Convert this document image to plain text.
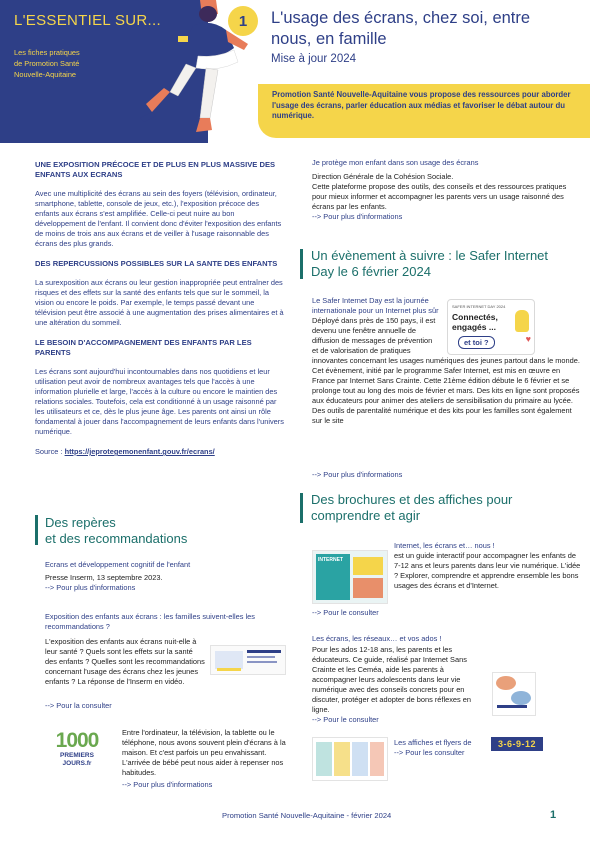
L'ESSENTIEL SUR...
Les fiches pratiques
de Promotion Santé
Nouvelle-Aquitaine
1 L'usage des écrans, chez soi, entre
nous, en famille
Mise à jour 2024
Promotion Santé Nouvelle-Aquitaine vous propose des ressources pour aborder l'usage des écrans, parler éducation aux médias et favoriser le débat autour du numérique.
UNE EXPOSITION PRÉCOCE ET DE PLUS EN PLUS MASSIVE DES ENFANTS AUX ECRANS
Avec une multiplicité des écrans au sein des foyers (télévision, ordinateur, smartphone, tablette, console de jeux, etc.), l'exposition précoce des enfants aux écrans s'est amplifiée. Celle-ci peut nuire au bon développement de l'enfant. Il convient donc d'éviter l'exposition des enfants de moins de trois ans aux écrans et de veiller à l'usage raisonnable des écrans des plus grands.
DES REPERCUSSIONS POSSIBLES SUR LA SANTE DES ENFANTS
La surexposition aux écrans ou leur gestion inappropriée peut entraîner des risques et des effets sur la santé des enfants tels que sur le sommeil, la vision ou encore le poids. Par exemple, le temps passé devant une télévision peut être associé à une augmentation des prises alimentaires et à une altération du sommeil.
LE BESOIN D'ACCOMPAGNEMENT DES ENFANTS PAR LES PARENTS
Les écrans sont aujourd'hui incontournables dans nos quotidiens et leur utilisation peut avoir de nombreux avantages tels que l'accès à une information plurielle et large, l'accès à la culture ou encore le maintien des relations sociales. Toutefois, cela est conditionné à un usage raisonné par les utilisateurs et ce, dès le plus jeune âge. Les parents ont ainsi un rôle fondamental à jouer dans l'accompagnement de leurs enfants dans l'univers numérique.
Source : https://jeprotegemonenfant.gouv.fr/ecrans/
Des repères
et des recommandations
Ecrans et développement cognitif de l'enfant
Presse Inserm, 13 septembre 2023.
--> Pour plus d'informations
Exposition des enfants aux écrans : les familles suivent-elles les recommandations ?
L'exposition des enfants aux écrans nuit-elle à leur santé ? Quels sont les effets sur la santé des enfants ? Quelles sont les recommandations concernant l'usage des écrans chez les jeunes enfants ? La réponse de l'Inserm en vidéo.
--> Pour la consulter
1000
PREMIERS
JOURS.fr
Entre l'ordinateur, la télévision, la tablette ou le téléphone, nous avons souvent plein d'écrans à la maison. Et c'est parfois un peu envahissant. L'arrivée de bébé peut nous aider à repenser nos habitudes.
--> Pour plus d'informations
Je protège mon enfant dans son usage des écrans
Direction Générale de la Cohésion Sociale.
Cette plateforme propose des outils, des conseils et des ressources pratiques pour mieux informer et accompagner les parents vers un usage raisonné des écrans par les enfants.
--> Pour plus d'informations
Un évènement à suivre : le Safer Internet
Day le 6 février 2024
Le Safer Internet Day est la journée internationale pour un Internet plus sûr	SAFER INTERNET DAY 2024
Connectés,
engagés ...
et toi ?	♥
Déployé dans près de 150 pays, il est devenu une fenêtre annuelle de diffusion de messages de prévention et de valorisation de pratiques innovantes concernant les usages numériques des jeunes partout dans le monde. Cet évènement, initié par le programme Safer Internet, est mis en œuvre en France par Internet Sans Crainte. Cette 21ème édition débute le 6 février et se prolonge tout au long des mois de février et mars. Des kits en ligne sont proposés aux éducateurs pour animer des ateliers de sensibilisation du primaire au lycée. Des outils de parentalité numérique et des kits pour les familles sont également sur le site
--> Pour plus d'informations
Des brochures et des affiches pour
comprendre et agir
INTERNET
Internet, les écrans et… nous !
est un guide interactif pour accompagner les enfants de 7-12 ans et leurs parents dans leur vie numérique. L'idée ? Explorer, comprendre et apprendre ensemble les bons usages des écrans et d'Internet.
--> Pour le consulter
Les écrans, les réseaux… et vos ados !
Pour les ados 12-18 ans, les parents et les éducateurs. Ce guide, réalisé par Internet Sans Crainte et les Ceméa, aide les parents à accompagner leurs adolescents dans leur vie numérique avec des conseils concrets pour en discuter, protéger et adopter de bons réflexes en ligne.
--> Pour le consulter
Les affiches et flyers de
--> Pour les consulter
3-6-9-12
Promotion Santé Nouvelle-Aquitaine - février 2024	1
